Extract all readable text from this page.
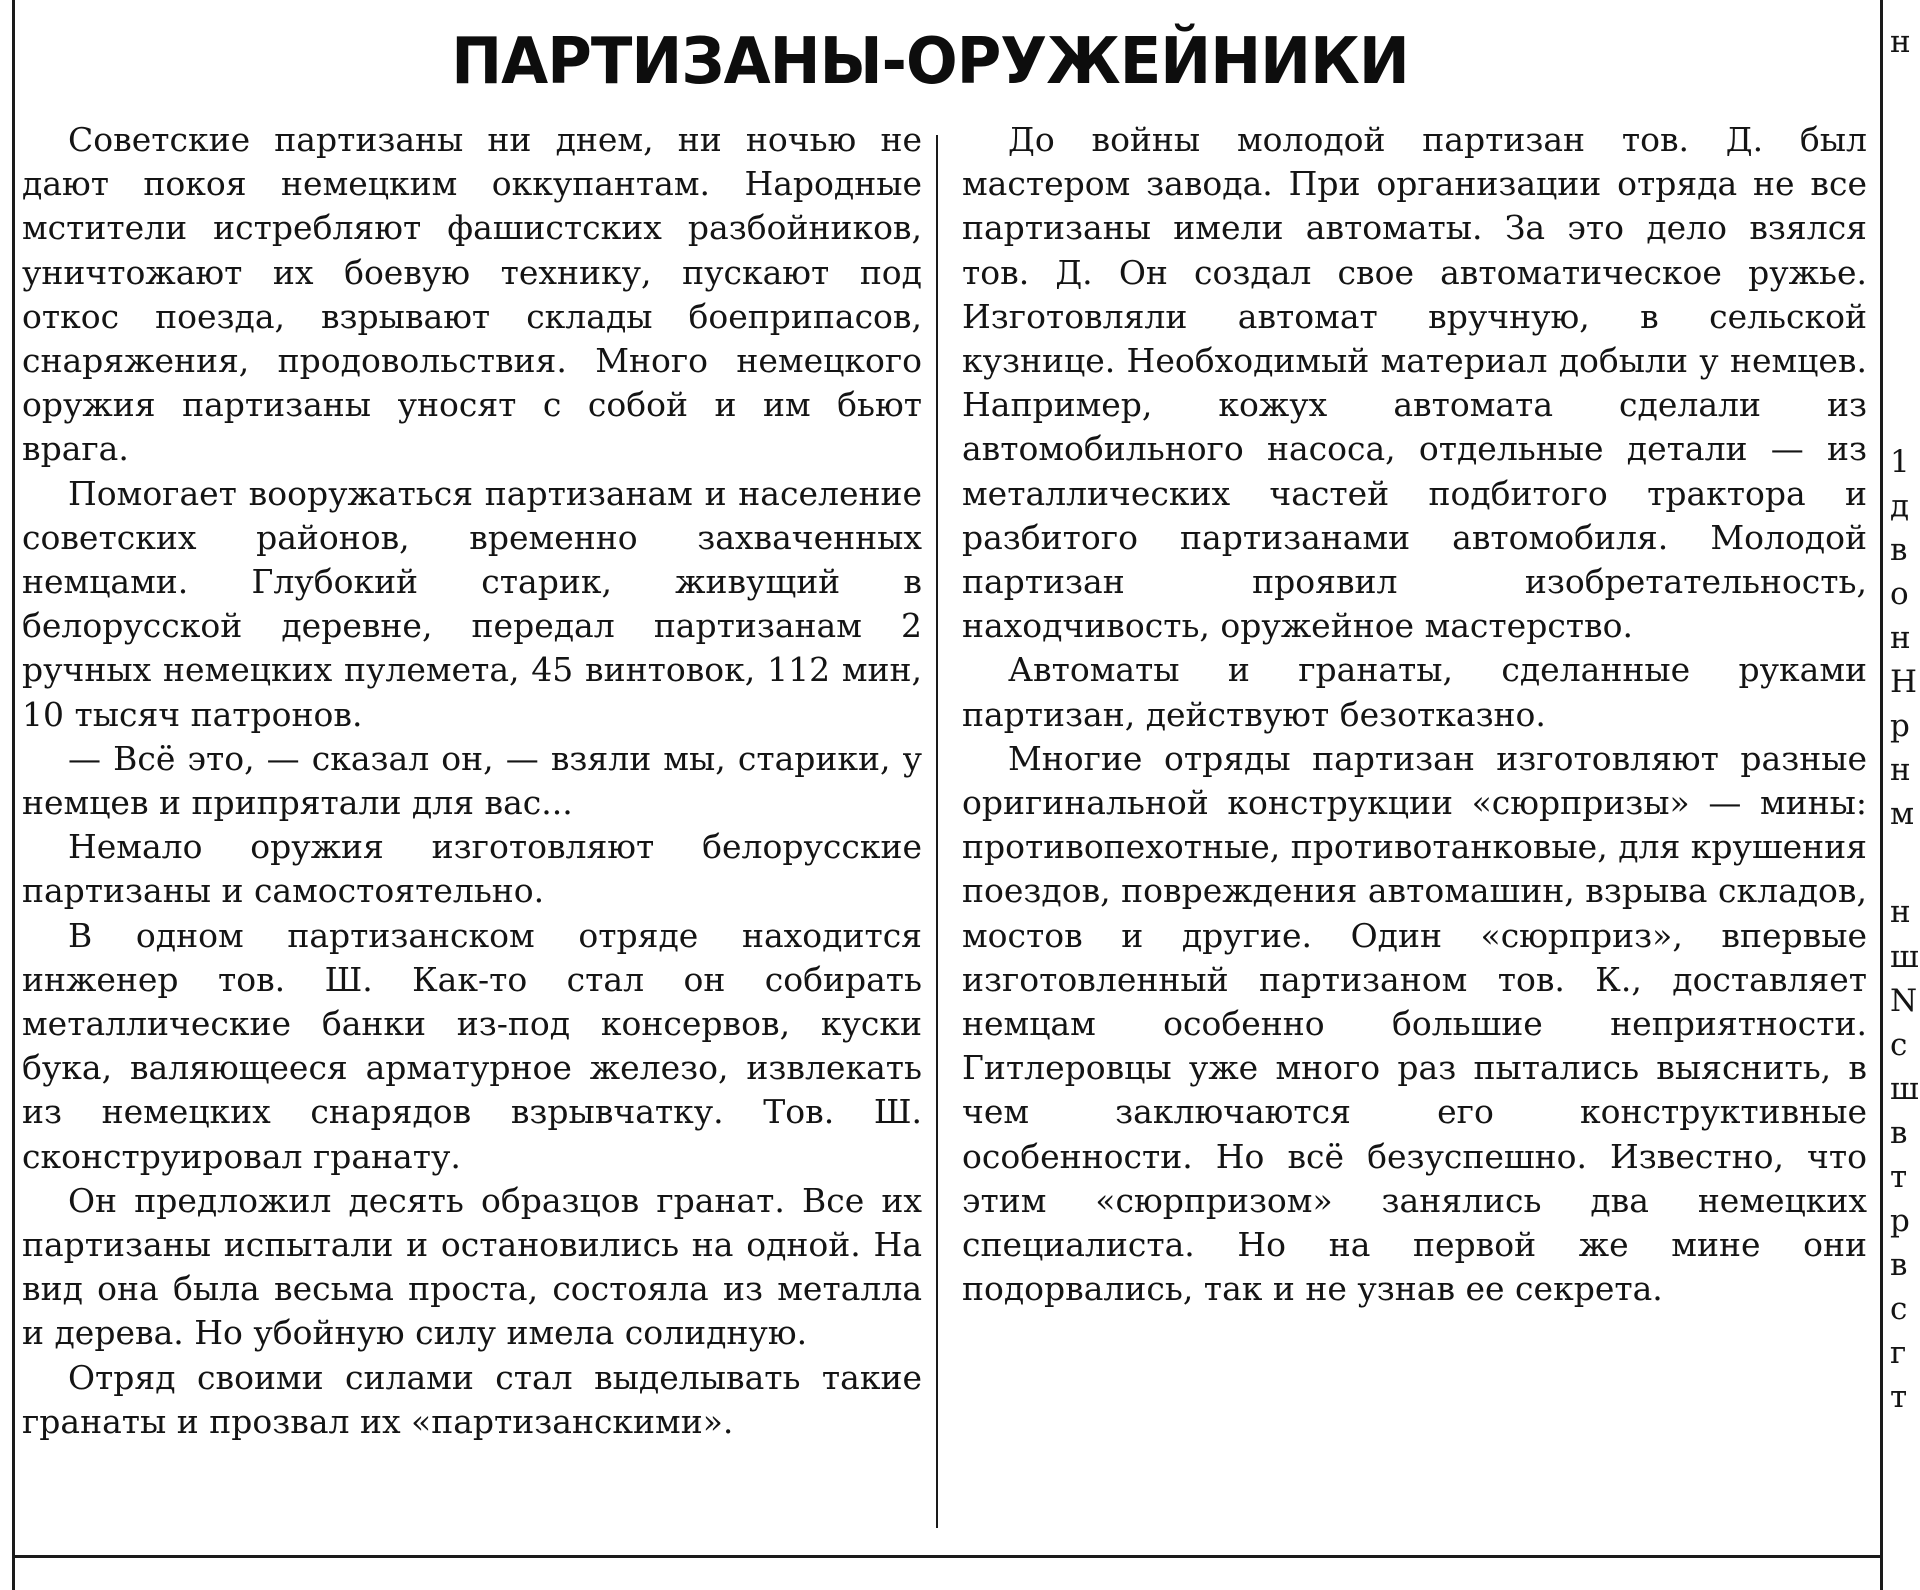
ПАРТИЗАНЫ-ОРУЖЕЙНИКИ

Советские партизаны ни днем, ни ночью не дают покоя немецким оккупантам. Народные мстители истребляют фашистских разбойников, уничтожают их боевую технику, пускают под откос поезда, взрывают склады боеприпасов, снаряжения, продовольствия. Много немецкого оружия партизаны уносят с собой и им бьют врага.

Помогает вооружаться партизанам и население советских районов, временно захваченных немцами. Глубокий старик, живущий в белорусской деревне, передал партизанам 2 ручных немецких пулемета, 45 винтовок, 112 мин, 10 тысяч патронов.

— Всё это, — сказал он, — взяли мы, старики, у немцев и припрятали для вас...

Немало оружия изготовляют белорусские партизаны и самостоятельно.

В одном партизанском отряде находится инженер тов. Ш. Как-то стал он собирать металлические банки из-под консервов, куски бука, валяющееся арматурное железо, извлекать из немецких снарядов взрывчатку. Тов. Ш. сконструировал гранату.

Он предложил десять образцов гранат. Все их партизаны испытали и остановились на одной. На вид она была весьма проста, состояла из металла и дерева. Но убойную силу имела солидную.

Отряд своими силами стал выделывать такие гранаты и прозвал их «партизанскими».

До войны молодой партизан тов. Д. был мастером завода. При организации отряда не все партизаны имели автоматы. За это дело взялся тов. Д. Он создал свое автоматическое ружье. Изготовляли автомат вручную, в сельской кузнице. Необходимый материал добыли у немцев. Например, кожух автомата сделали из автомобильного насоса, отдельные детали — из металлических частей подбитого трактора и разбитого партизанами автомобиля. Молодой партизан проявил изобретательность, находчивость, оружейное мастерство.

Автоматы и гранаты, сделанные руками партизан, действуют безотказно.

Многие отряды партизан изготовляют разные оригинальной конструкции «сюрпризы» — мины: противопехотные, противотанковые, для крушения поездов, повреждения автомашин, взрыва складов, мостов и другие. Один «сюрприз», впервые изготовленный партизаном тов. К., доставляет немцам особенно большие неприятности. Гитлеровцы уже много раз пытались выяснить, в чем заключаются его конструктивные особенности. Но всё безуспешно. Известно, что этим «сюрпризом» занялись два немецких специалиста. Но на первой же мине они подорвались, так и не узнав ее секрета.

н
1
д
в
о
н
Н
р
н
м
н
ш
N
с
ш
в
т
р
в
с
г
т
